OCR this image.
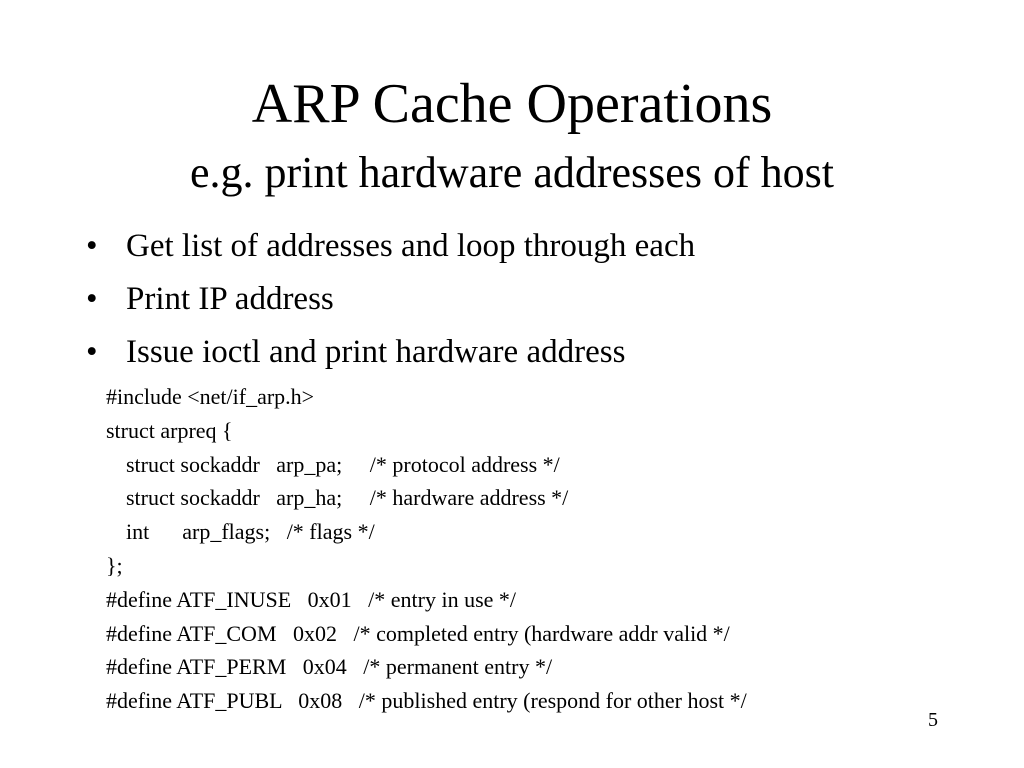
ARP Cache Operations
e.g. print hardware addresses of host
• Get list of addresses and loop through each
• Print IP address
• Issue ioctl and print hardware address
#include <net/if_arp.h>
struct arpreq {
struct sockaddr   arp_pa;     /* protocol address */
struct sockaddr   arp_ha;     /* hardware address */
int      arp_flags;   /* flags */
};
#define ATF_INUSE   0x01   /* entry in use */
#define ATF_COM   0x02   /* completed entry (hardware addr valid */
#define ATF_PERM   0x04   /* permanent entry */
#define ATF_PUBL   0x08   /* published entry (respond for other host */
5
